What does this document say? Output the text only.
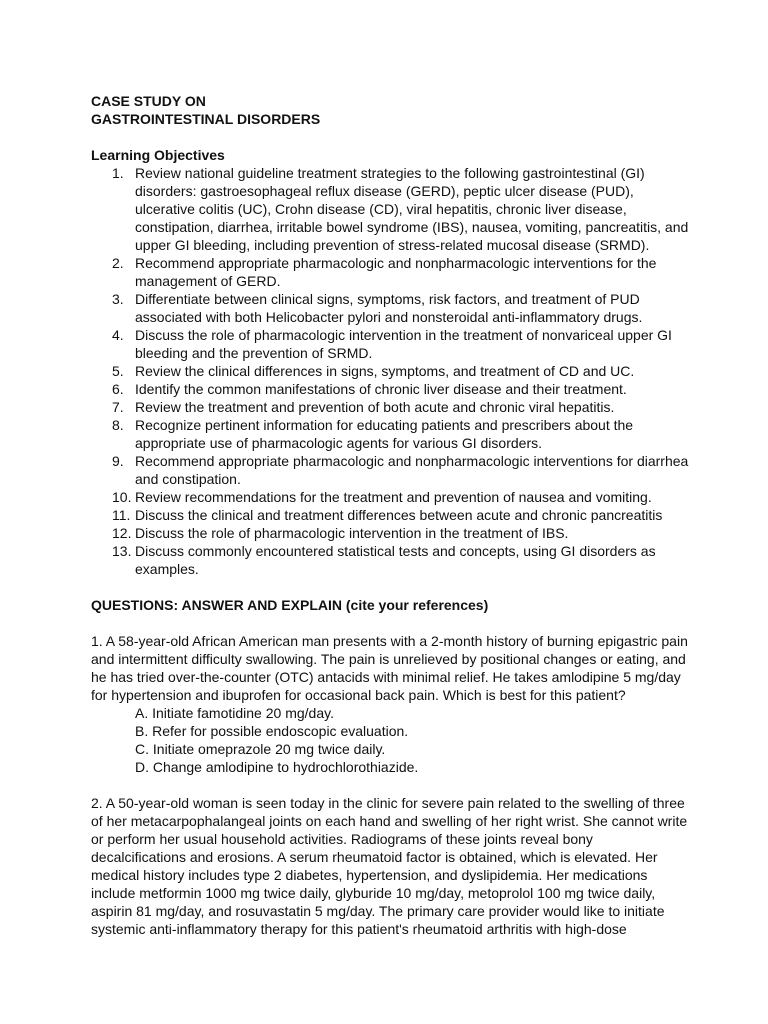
CASE STUDY ON
GASTROINTESTINAL DISORDERS
Learning Objectives
1. Review national guideline treatment strategies to the following gastrointestinal (GI) disorders: gastroesophageal reflux disease (GERD), peptic ulcer disease (PUD), ulcerative colitis (UC), Crohn disease (CD), viral hepatitis, chronic liver disease, constipation, diarrhea, irritable bowel syndrome (IBS), nausea, vomiting, pancreatitis, and upper GI bleeding, including prevention of stress-related mucosal disease (SRMD).
2. Recommend appropriate pharmacologic and nonpharmacologic interventions for the management of GERD.
3. Differentiate between clinical signs, symptoms, risk factors, and treatment of PUD associated with both Helicobacter pylori and nonsteroidal anti-inflammatory drugs.
4. Discuss the role of pharmacologic intervention in the treatment of nonvariceal upper GI bleeding and the prevention of SRMD.
5. Review the clinical differences in signs, symptoms, and treatment of CD and UC.
6. Identify the common manifestations of chronic liver disease and their treatment.
7. Review the treatment and prevention of both acute and chronic viral hepatitis.
8. Recognize pertinent information for educating patients and prescribers about the appropriate use of pharmacologic agents for various GI disorders.
9. Recommend appropriate pharmacologic and nonpharmacologic interventions for diarrhea and constipation.
10. Review recommendations for the treatment and prevention of nausea and vomiting.
11. Discuss the clinical and treatment differences between acute and chronic pancreatitis
12. Discuss the role of pharmacologic intervention in the treatment of IBS.
13. Discuss commonly encountered statistical tests and concepts, using GI disorders as examples.
QUESTIONS: ANSWER AND EXPLAIN (cite your references)
1. A 58-year-old African American man presents with a 2-month history of burning epigastric pain and intermittent difficulty swallowing. The pain is unrelieved by positional changes or eating, and he has tried over-the-counter (OTC) antacids with minimal relief. He takes amlodipine 5 mg/day for hypertension and ibuprofen for occasional back pain. Which is best for this patient?
A. Initiate famotidine 20 mg/day.
B. Refer for possible endoscopic evaluation.
C. Initiate omeprazole 20 mg twice daily.
D. Change amlodipine to hydrochlorothiazide.
2. A 50-year-old woman is seen today in the clinic for severe pain related to the swelling of three of her metacarpophalangeal joints on each hand and swelling of her right wrist. She cannot write or perform her usual household activities. Radiograms of these joints reveal bony decalcifications and erosions. A serum rheumatoid factor is obtained, which is elevated. Her medical history includes type 2 diabetes, hypertension, and dyslipidemia. Her medications include metformin 1000 mg twice daily, glyburide 10 mg/day, metoprolol 100 mg twice daily, aspirin 81 mg/day, and rosuvastatin 5 mg/day. The primary care provider would like to initiate systemic anti-inflammatory therapy for this patient's rheumatoid arthritis with high-dose
